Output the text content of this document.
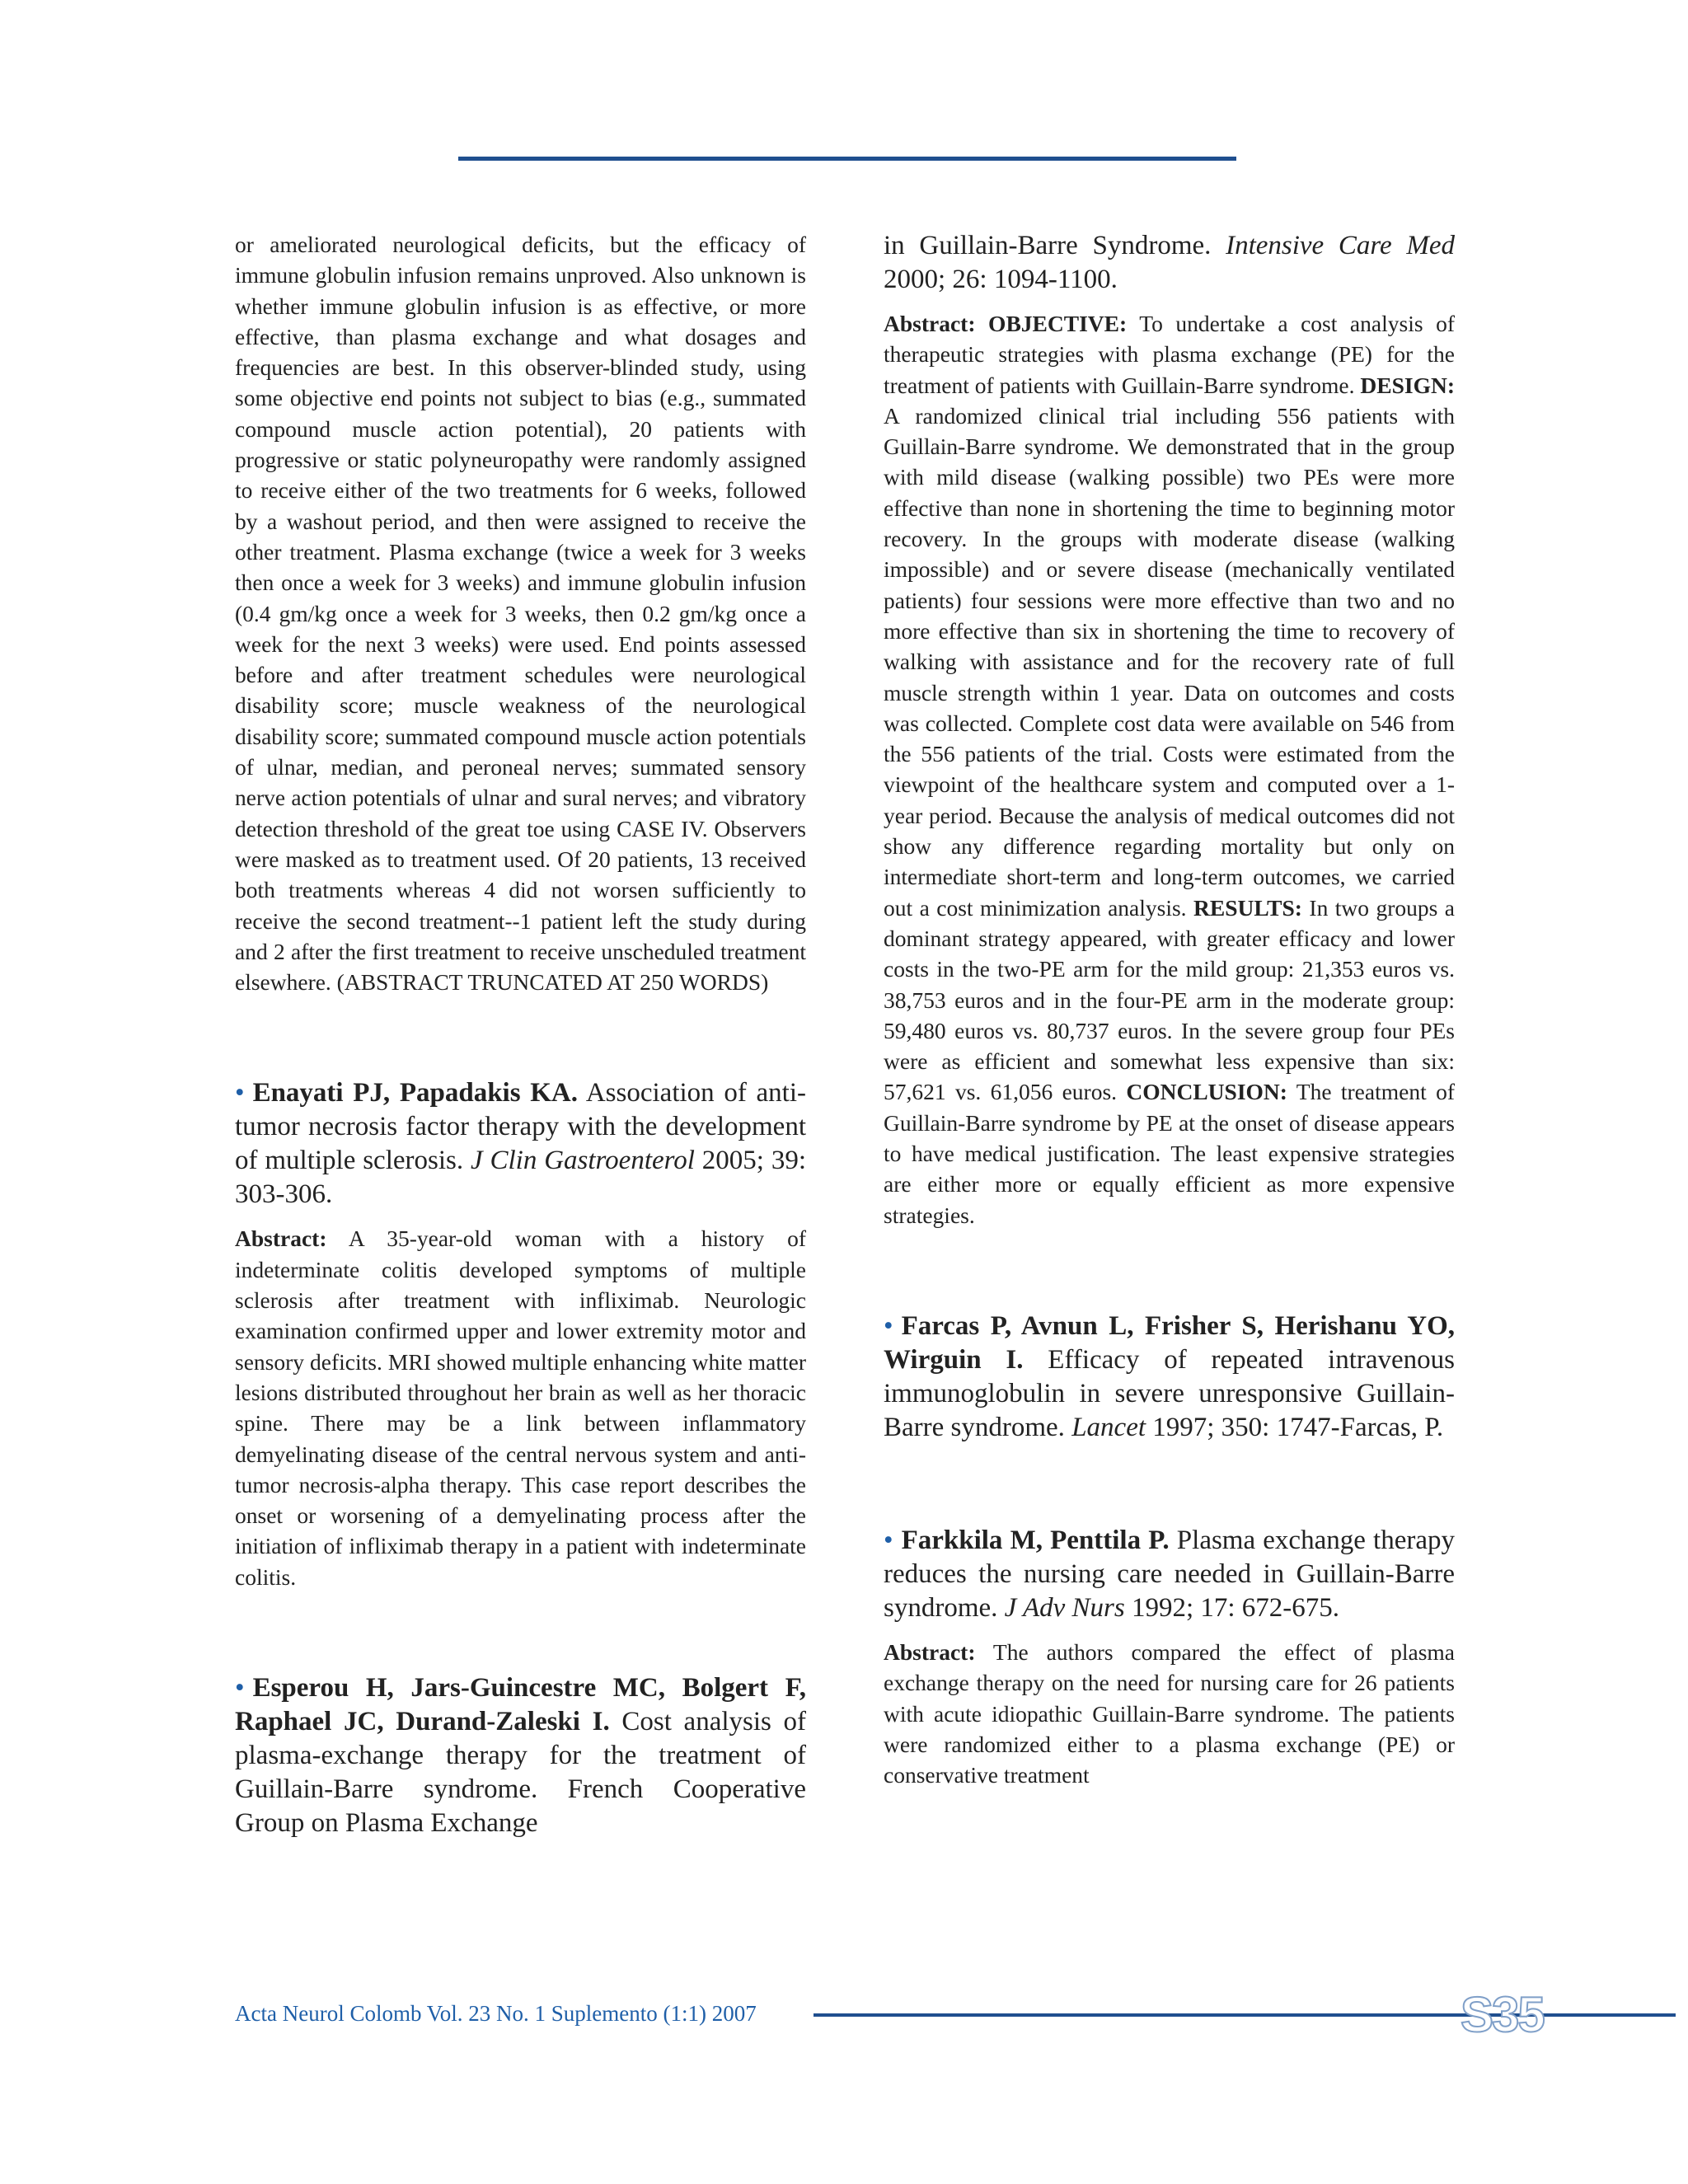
or ameliorated neurological deficits, but the efficacy of immune globulin infusion remains unproved. Also unknown is whether immune globulin infusion is as effective, or more effective, than plasma exchange and what dosages and frequencies are best. In this observer-blinded study, using some objective end points not subject to bias (e.g., summated compound muscle action potential), 20 patients with progressive or static polyneuropathy were randomly assigned to receive either of the two treatments for 6 weeks, followed by a washout period, and then were assigned to receive the other treatment. Plasma exchange (twice a week for 3 weeks then once a week for 3 weeks) and immune globulin infusion (0.4 gm/kg once a week for 3 weeks, then 0.2 gm/kg once a week for the next 3 weeks) were used. End points assessed before and after treatment schedules were neurological disability score; muscle weakness of the neurological disability score; summated compound muscle action potentials of ulnar, median, and peroneal nerves; summated sensory nerve action potentials of ulnar and sural nerves; and vibratory detection threshold of the great toe using CASE IV. Observers were masked as to treatment used. Of 20 patients, 13 received both treatments whereas 4 did not worsen sufficiently to receive the second treatment--1 patient left the study during and 2 after the first treatment to receive unscheduled treatment elsewhere. (ABSTRACT TRUNCATED AT 250 WORDS)

• Enayati PJ, Papadakis KA. Association of anti-tumor necrosis factor therapy with the development of multiple sclerosis. J Clin Gastroenterol 2005; 39: 303-306.

Abstract: A 35-year-old woman with a history of indeterminate colitis developed symptoms of multiple sclerosis after treatment with infliximab. Neurologic examination confirmed upper and lower extremity motor and sensory deficits. MRI showed multiple enhancing white matter lesions distributed throughout her brain as well as her thoracic spine. There may be a link between inflammatory demyelinating disease of the central nervous system and anti-tumor necrosis-alpha therapy. This case report describes the onset or worsening of a demyelinating process after the initiation of infliximab therapy in a patient with indeterminate colitis.

• Esperou H, Jars-Guincestre MC, Bolgert F, Raphael JC, Durand-Zaleski I. Cost analysis of plasma-exchange therapy for the treatment of Guillain-Barre syndrome. French Cooperative Group on Plasma Exchange

in Guillain-Barre Syndrome. Intensive Care Med 2000; 26: 1094-1100.

Abstract: OBJECTIVE: To undertake a cost analysis of therapeutic strategies with plasma exchange (PE) for the treatment of patients with Guillain-Barre syndrome. DESIGN: A randomized clinical trial including 556 patients with Guillain-Barre syndrome. We demonstrated that in the group with mild disease (walking possible) two PEs were more effective than none in shortening the time to beginning motor recovery. In the groups with moderate disease (walking impossible) and or severe disease (mechanically ventilated patients) four sessions were more effective than two and no more effective than six in shortening the time to recovery of walking with assistance and for the recovery rate of full muscle strength within 1 year. Data on outcomes and costs was collected. Complete cost data were available on 546 from the 556 patients of the trial. Costs were estimated from the viewpoint of the healthcare system and computed over a 1-year period. Because the analysis of medical outcomes did not show any difference regarding mortality but only on intermediate short-term and long-term outcomes, we carried out a cost minimization analysis. RESULTS: In two groups a dominant strategy appeared, with greater efficacy and lower costs in the two-PE arm for the mild group: 21,353 euros vs. 38,753 euros and in the four-PE arm in the moderate group: 59,480 euros vs. 80,737 euros. In the severe group four PEs were as efficient and somewhat less expensive than six: 57,621 vs. 61,056 euros. CONCLUSION: The treatment of Guillain-Barre syndrome by PE at the onset of disease appears to have medical justification. The least expensive strategies are either more or equally efficient as more expensive strategies.

• Farcas P, Avnun L, Frisher S, Herishanu YO, Wirguin I. Efficacy of repeated intravenous immunoglobulin in severe unresponsive Guillain-Barre syndrome. Lancet 1997; 350: 1747-Farcas, P.

• Farkkila M, Penttila P. Plasma exchange therapy reduces the nursing care needed in Guillain-Barre syndrome. J Adv Nurs 1992; 17: 672-675.

Abstract: The authors compared the effect of plasma exchange therapy on the need for nursing care for 26 patients with acute idiopathic Guillain-Barre syndrome. The patients were randomized either to a plasma exchange (PE) or conservative treatment

Acta Neurol Colomb Vol. 23 No. 1 Suplemento (1:1) 2007	S35
